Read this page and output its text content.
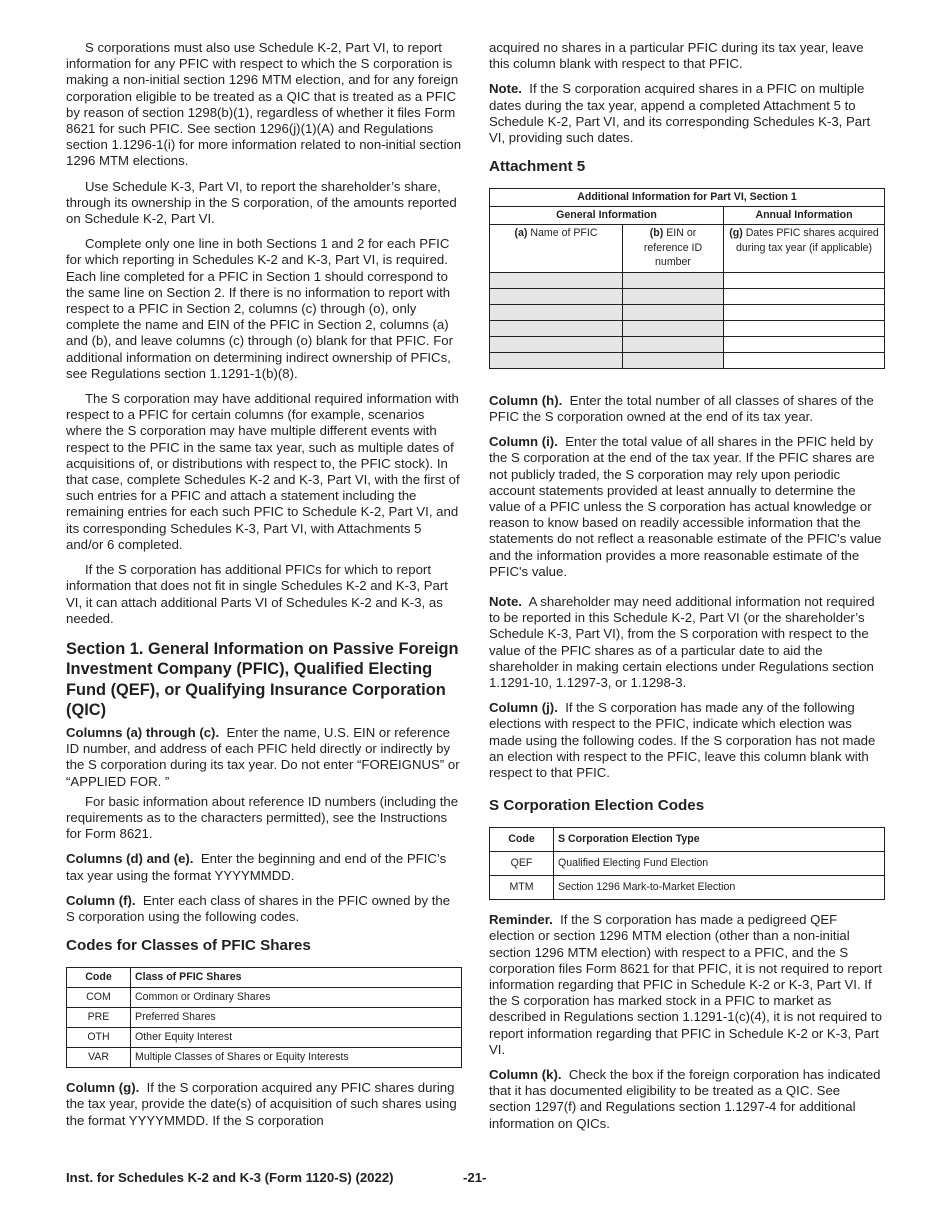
S corporations must also use Schedule K-2, Part VI, to report information for any PFIC with respect to which the S corporation is making a non-initial section 1296 MTM election, and for any foreign corporation eligible to be treated as a QIC that is treated as a PFIC by reason of section 1298(b)(1), regardless of whether it files Form 8621 for such PFIC. See section 1296(j)(1)(A) and Regulations section 1.1296-1(i) for more information related to non-initial section 1296 MTM elections.

Use Schedule K-3, Part VI, to report the shareholder’s share, through its ownership in the S corporation, of the amounts reported on Schedule K-2, Part VI.

Complete only one line in both Sections 1 and 2 for each PFIC for which reporting in Schedules K-2 and K-3, Part VI, is required. Each line completed for a PFIC in Section 1 should correspond to the same line on Section 2. If there is no information to report with respect to a PFIC in Section 2, columns (c) through (o), only complete the name and EIN of the PFIC in Section 2, columns (a) and (b), and leave columns (c) through (o) blank for that PFIC. For additional information on determining indirect ownership of PFICs, see Regulations section 1.1291-1(b)(8).

The S corporation may have additional required information with respect to a PFIC for certain columns (for example, scenarios where the S corporation may have multiple different events with respect to the PFIC in the same tax year, such as multiple dates of acquisitions of, or distributions with respect to, the PFIC stock). In that case, complete Schedules K-2 and K-3, Part VI, with the first of such entries for a PFIC and attach a statement including the remaining entries for each such PFIC to Schedule K-2, Part VI, and its corresponding Schedules K-3, Part VI, with Attachments 5 and/or 6 completed.

If the S corporation has additional PFICs for which to report information that does not fit in single Schedules K-2 and K-3, Part VI, it can attach additional Parts VI of Schedules K-2 and K-3, as needed.

Section 1. General Information on Passive Foreign Investment Company (PFIC), Qualified Electing Fund (QEF), or Qualifying Insurance Corporation (QIC)

Columns (a) through (c). Enter the name, U.S. EIN or reference ID number, and address of each PFIC held directly or indirectly by the S corporation during its tax year. Do not enter “FOREIGNUS” or “APPLIED FOR. ”

For basic information about reference ID numbers (including the requirements as to the characters permitted), see the Instructions for Form 8621.

Columns (d) and (e). Enter the beginning and end of the PFIC’s tax year using the format YYYYMMDD.

Column (f). Enter each class of shares in the PFIC owned by the S corporation using the following codes.

Codes for Classes of PFIC Shares
Code	Class of PFIC Shares
COM	Common or Ordinary Shares
PRE	Preferred Shares
OTH	Other Equity Interest
VAR	Multiple Classes of Shares or Equity Interests

Column (g). If the S corporation acquired any PFIC shares during the tax year, provide the date(s) of acquisition of such shares using the format YYYYMMDD. If the S corporation

acquired no shares in a particular PFIC during its tax year, leave this column blank with respect to that PFIC.

Note. If the S corporation acquired shares in a PFIC on multiple dates during the tax year, append a completed Attachment 5 to Schedule K-2, Part VI, and its corresponding Schedules K-3, Part VI, providing such dates.

Attachment 5
Additional Information for Part VI, Section 1		
General Information		Annual Information
(a) Name of PFIC	(b) EIN or reference ID number	(g) Dates PFIC shares acquired during tax year (if applicable)

Column (h). Enter the total number of all classes of shares of the PFIC the S corporation owned at the end of its tax year.

Column (i). Enter the total value of all shares in the PFIC held by the S corporation at the end of the tax year. If the PFIC shares are not publicly traded, the S corporation may rely upon periodic account statements provided at least annually to determine the value of a PFIC unless the S corporation has actual knowledge or reason to know based on readily accessible information that the statements do not reflect a reasonable estimate of the PFIC's value and the information provides a more reasonable estimate of the PFIC's value.

Note. A shareholder may need additional information not required to be reported in this Schedule K-2, Part VI (or the shareholder’s Schedule K-3, Part VI), from the S corporation with respect to the value of the PFIC shares as of a particular date to aid the shareholder in making certain elections under Regulations section 1.1291-10, 1.1297-3, or 1.1298-3.

Column (j). If the S corporation has made any of the following elections with respect to the PFIC, indicate which election was made using the following codes. If the S corporation has not made an election with respect to the PFIC, leave this column blank with respect to that PFIC.

S Corporation Election Codes
Code	S Corporation Election Type
QEF	Qualified Electing Fund Election
MTM	Section 1296 Mark-to-Market Election

Reminder. If the S corporation has made a pedigreed QEF election or section 1296 MTM election (other than a non-initial section 1296 MTM election) with respect to a PFIC, and the S corporation files Form 8621 for that PFIC, it is not required to report information regarding that PFIC in Schedule K-2 or K-3, Part VI. If the S corporation has marked stock in a PFIC to market as described in Regulations section 1.1291-1(c)(4), it is not required to report information regarding that PFIC in Schedule K-2 or K-3, Part VI.

Column (k). Check the box if the foreign corporation has indicated that it has documented eligibility to be treated as a QIC. See section 1297(f) and Regulations section 1.1297-4 for additional information on QICs.

Inst. for Schedules K-2 and K-3 (Form 1120-S) (2022)	-21-
